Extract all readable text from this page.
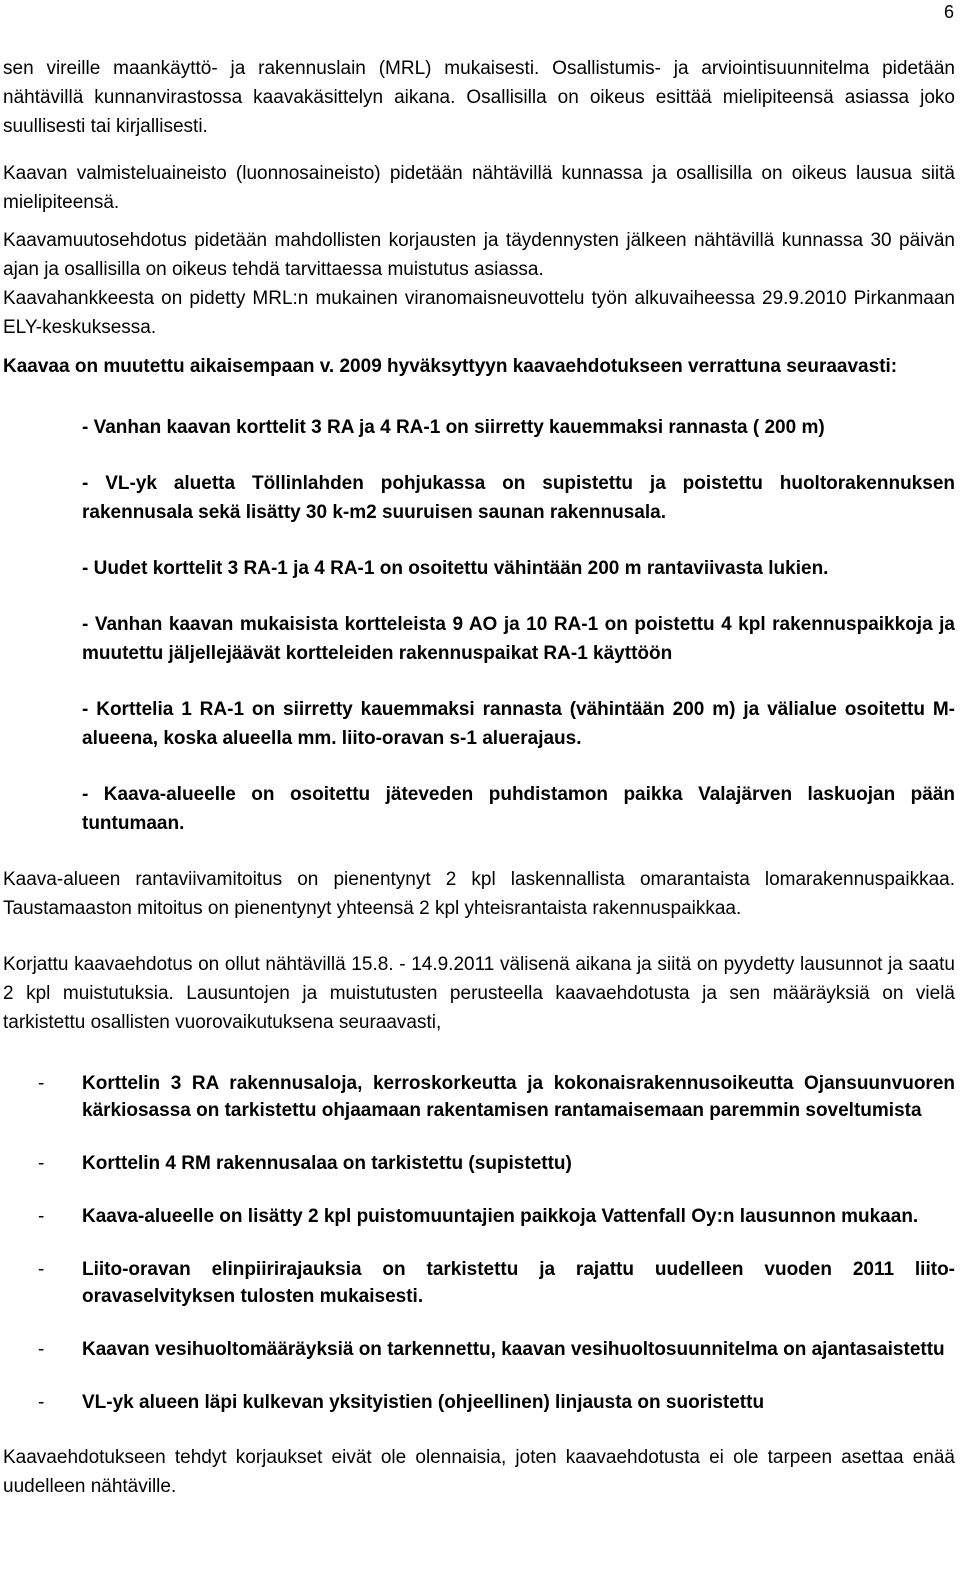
6

sen vireille maankäyttö- ja rakennuslain (MRL) mukaisesti. Osallistumis- ja arviointisuunnitelma pidetään nähtävillä kunnanvirastossa kaavakäsittelyn aikana. Osallisilla on oikeus esittää mielipiteensä asiassa joko suullisesti tai kirjallisesti.

Kaavan valmisteluaineisto (luonnosaineisto) pidetään nähtävillä kunnassa ja osallisilla on oikeus lausua siitä mielipiteensä.

Kaavamuutosehdotus pidetään mahdollisten korjausten ja täydennysten jälkeen nähtävillä kunnassa 30 päivän ajan ja osallisilla on oikeus tehdä tarvittaessa muistutus asiassa.

Kaavahankkeesta on pidetty MRL:n mukainen viranomaisneuvottelu työn alkuvaiheessa 29.9.2010 Pirkanmaan ELY-keskuksessa.

Kaavaa on muutettu aikaisempaan v. 2009 hyväksyttyyn kaavaehdotukseen verrattuna seuraavasti:

- Vanhan kaavan korttelit 3 RA ja 4 RA-1 on siirretty kauemmaksi rannasta ( 200 m)

- VL-yk aluetta Töllinlahden pohjukassa on supistettu ja poistettu huoltorakennuksen rakennusala sekä lisätty 30 k-m2 suuruisen saunan rakennusala.

- Uudet korttelit 3 RA-1 ja 4 RA-1 on osoitettu vähintään 200 m rantaviivasta lukien.

- Vanhan kaavan mukaisista kortteleista 9 AO ja 10 RA-1 on poistettu 4 kpl rakennuspaikkoja ja muutettu jäljellejäävät kortteleiden rakennuspaikat RA-1 käyttöön

- Korttelia 1 RA-1 on siirretty kauemmaksi rannasta (vähintään 200 m) ja välialue osoitettu M-alueena, koska alueella mm. liito-oravan s-1 aluerajaus.

- Kaava-alueelle on osoitettu jäteveden puhdistamon paikka Valajärven laskuojan pään tuntumaan.

Kaava-alueen rantaviivamitoitus on pienentynyt 2 kpl laskennallista omarantaista lomarakennuspaikkaa. Taustamaaston mitoitus on pienentynyt yhteensä 2 kpl yhteisrantaista rakennuspaikkaa.

Korjattu kaavaehdotus on ollut nähtävillä 15.8. - 14.9.2011 välisenä aikana ja siitä on pyydetty lausunnot ja saatu 2 kpl muistutuksia. Lausuntojen ja muistutusten perusteella kaavaehdotusta ja sen määräyksiä on vielä tarkistettu osallisten vuorovaikutuksena seuraavasti,

-	Korttelin 3 RA rakennusaloja, kerroskorkeutta ja kokonaisrakennusoikeutta Ojansuunvuoren kärkiosassa on tarkistettu ohjaamaan rakentamisen rantamaisemaan paremmin soveltumista
-	Korttelin 4 RM rakennusalaa on tarkistettu (supistettu)
-	Kaava-alueelle on lisätty 2 kpl puistomuuntajien paikkoja Vattenfall Oy:n lausunnon mukaan.
-	Liito-oravan elinpiirirajauksia on tarkistettu ja rajattu uudelleen vuoden 2011 liito-oravaselvityksen tulosten mukaisesti.
-	Kaavan vesihuoltomääräyksiä on tarkennettu, kaavan vesihuoltosuunnitelma on ajantasaistettu
-	VL-yk alueen läpi kulkevan yksityistien (ohjeellinen) linjausta on suoristettu

Kaavaehdotukseen tehdyt korjaukset eivät ole olennaisia, joten kaavaehdotusta ei ole tarpeen asettaa enää uudelleen nähtäville.
